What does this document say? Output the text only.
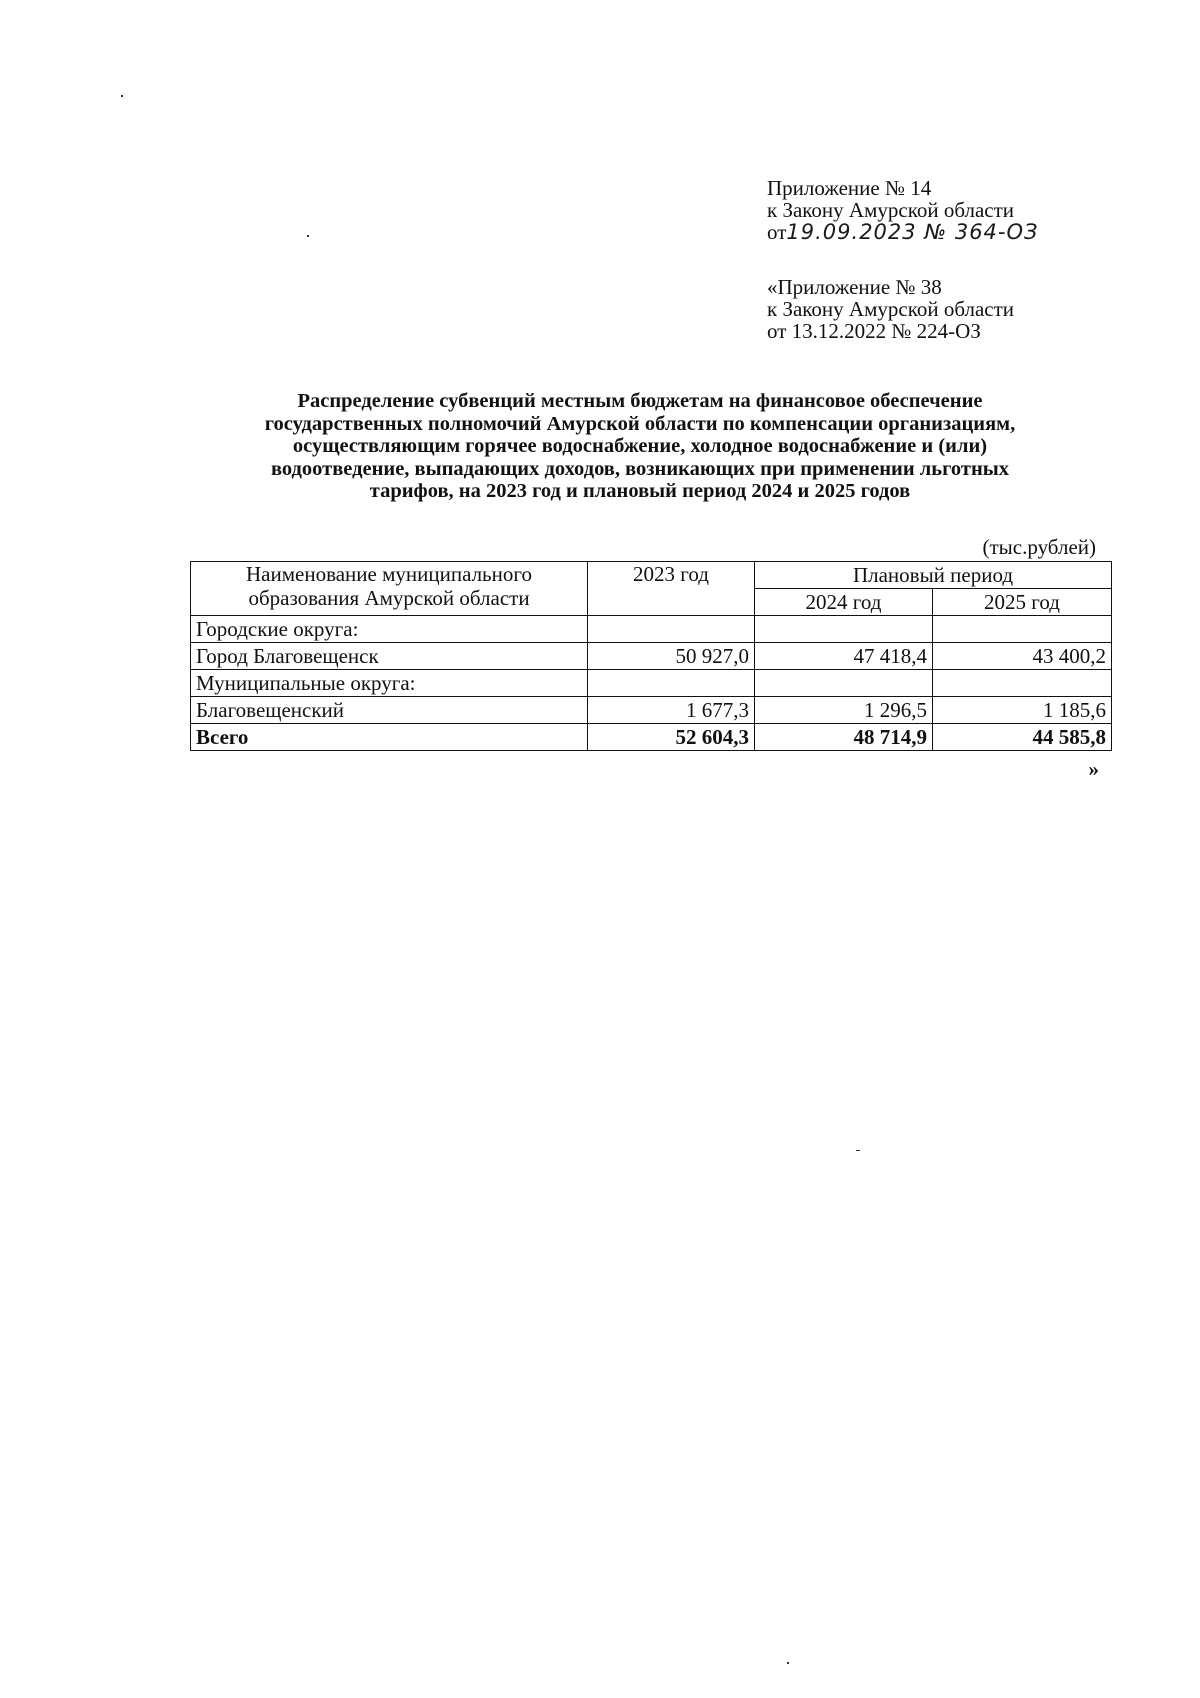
Приложение № 14
к Закону Амурской области
от19.09.2023 № 364-ОЗ
«Приложение № 38
к Закону Амурской области
от 13.12.2022 № 224-ОЗ
Распределение субвенций местным бюджетам на финансовое обеспечение
государственных полномочий Амурской области по компенсации организациям,
осуществляющим горячее водоснабжение, холодное водоснабжение и (или)
водоотведение, выпадающих доходов, возникающих при применении льготных
тарифов, на 2023 год и плановый период 2024 и 2025 годов
(тыс.рублей)
Наименование муниципального
образования Амурской области	2023 год	Плановый период	
		2024 год	2025 год
Городские округа:			
Город Благовещенск	50 927,0	47 418,4	43 400,2
Муниципальные округа:			
Благовещенский	1 677,3	1 296,5	1 185,6
Всего	52 604,3	48 714,9	44 585,8
»
